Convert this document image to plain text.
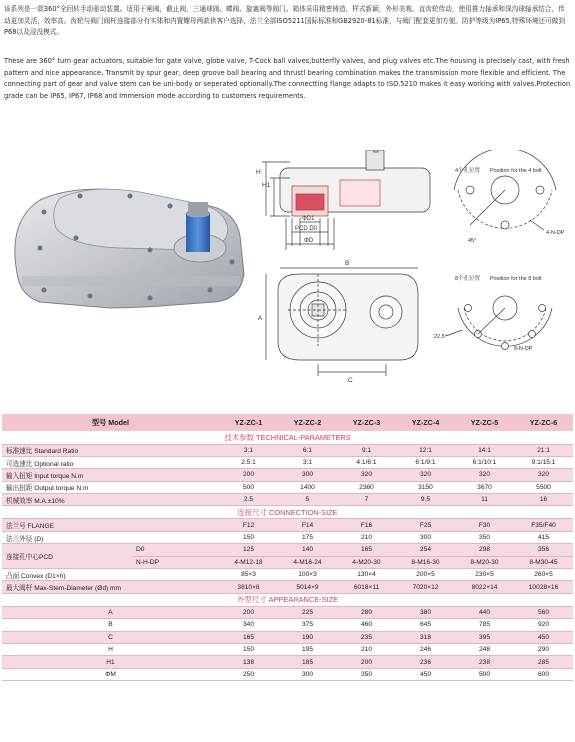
该系列是一款360°全回转手动驱动装置。适用于闸阀，截止阀，三通球阀、蝶阀、旋塞阀等阀门。箱体采用精密铸造，样式新颖，外形美观。直齿轮传动，使用推力轴承和深沟球轴承结合，传动更加灵活，效率高。齿轮与阀门阀杆连接部分有实体和内置螺母两款供客户选择，法兰全部ISO5211国际标准和GB2920-81标准，与阀门配套更加方便。防护等级为IP65,特殊环境还可做到P68以及浸没模式。
These are 360° turn gear actuators, suitable for gate valve, globe valve, T-Cock ball valves,butterfly valves, and plug valves etc.The housing is precisely cast, with fresh pattern and nice appearance. Transmit by spur gear, deep groove ball bearing and thrustl bearing combination makes the transmission more flexible and efficient. The connecting part of gear and valve stem can be uni-body or seperated optionally.The connectting flange adapts to ISO.5210 makes it easy working with valves.Protection grade can be IP65, IP67, IP68 and Immersion mode according to customers requirements.
H1
H
ΦD1
PCD D0
ΦD
B
A
C
4个孔位置 Position for the 4 bolt
45°
4-N-DP
8个孔位置 Position for the 8 bolt
22.5°
8-N-DP
型号 Model		YZ-ZC-1	YZ-ZC-2	YZ-ZC-3	YZ-ZC-4	YZ-ZC-5	YZ-ZC-6
技术参数 TECHNICAL-PARAMETERS							
标准速比 Standard Ratio		3:1	6:1	9:1	12:1	14:1	21:1
可选速比 Optional ratio		2.5:1	3:1	4:1/6:1	6:1/9:1	6:1/10:1	9:1/15:1
输入扭矩 Input torque N.m		200	300	320	320	320	320
输出扭距 Output torque N.m		500	1400	2360	3150	3670	5500
机械效率 M.A.±10%		2.5	5	7	9.5	11	16
连接尺寸 CONNECTION-SIZE							
法兰号 FLANGE		F12	F14	F16	F25	F30	F35/F40
法兰外径 (D)		150	175	210	300	350	415
连接孔中心PCD	D0	125	140	165	254	298	356
	N-H-DP	4-M12-18	4-M16-24	4-M20-30	8-M16-30	8-M20-30	8-M30-45
凸面 Convex (D1×h)		85×3	100×3	130×4	200×5	230×5	260×5
最大阀杆 Max-Stem-Diameter (Ød) mm		3810×8	5014×9	6018×11	7020×12	8022×14	10028×16
外型尺寸 APPEARANCE-SIZE							
A		200	225	280	380	440	560
B		340	375	460	645	785	920
C		165	190	235	318	395	450
H		150	195	210	246	248	290
H1		138	185	200	236	238	285
ΦM		250	300	350	450	500	600
